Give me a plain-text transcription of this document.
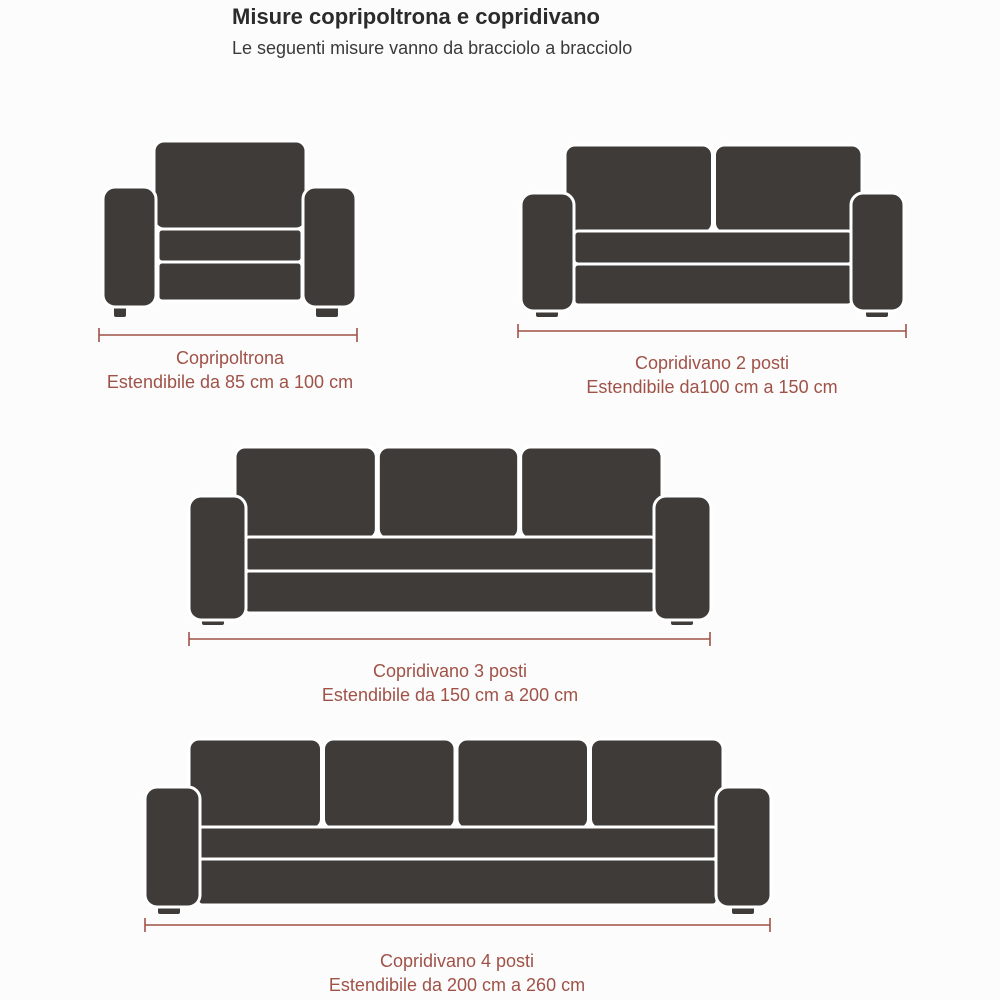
Misure copripoltrona e copridivano
Le seguenti misure vanno da bracciolo a bracciolo
Copripoltrona
Estendibile da 85 cm a 100 cm
Copridivano 2 posti
Estendibile da100 cm a 150 cm
Copridivano 3 posti
Estendibile da 150 cm a 200 cm
Copridivano 4 posti
Estendibile da 200 cm a 260 cm
